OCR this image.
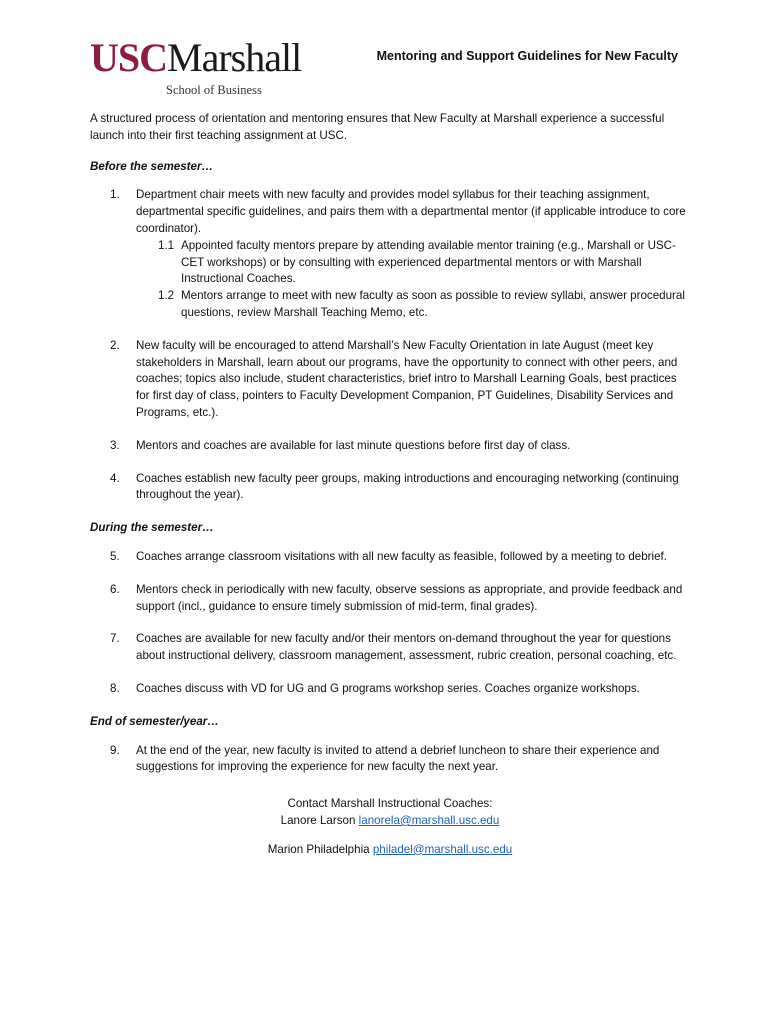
USC Marshall
School of Business
Mentoring and Support Guidelines for New Faculty

A structured process of orientation and mentoring ensures that New Faculty at Marshall experience a successful launch into their first teaching assignment at USC.

Before the semester…

1.	Department chair meets with new faculty and provides model syllabus for their teaching assignment, departmental specific guidelines, and pairs them with a departmental mentor (if applicable introduce to core coordinator).

1.1 Appointed faculty mentors prepare by attending available mentor training (e.g., Marshall or USC-CET workshops) or by consulting with experienced departmental mentors or with Marshall Instructional Coaches.
1.2 Mentors arrange to meet with new faculty as soon as possible to review syllabi, answer procedural questions, review Marshall Teaching Memo, etc.
2.	New faculty will be encouraged to attend Marshall’s New Faculty Orientation in late August (meet key stakeholders in Marshall, learn about our programs, have the opportunity to connect with other peers, and coaches; topics also include, student characteristics, brief intro to Marshall Learning Goals, best practices for first day of class, pointers to Faculty Development Companion, PT Guidelines, Disability Services and Programs, etc.).
3.	Mentors and coaches are available for last minute questions before first day of class.
4.	Coaches establish new faculty peer groups, making introductions and encouraging networking (continuing throughout the year).

During the semester…

5.	Coaches arrange classroom visitations with all new faculty as feasible, followed by a meeting to debrief.
6.	Mentors check in periodically with new faculty, observe sessions as appropriate, and provide feedback and support (incl., guidance to ensure timely submission of mid-term, final grades).
7.	Coaches are available for new faculty and/or their mentors on-demand throughout the year for questions about instructional delivery, classroom management, assessment, rubric creation, personal coaching, etc.
8.	Coaches discuss with VD for UG and G programs workshop series. Coaches organize workshops.

End of semester/year…

9.	At the end of the year, new faculty is invited to attend a debrief luncheon to share their experience and suggestions for improving the experience for new faculty the next year.

Contact Marshall Instructional Coaches:

Lanore Larson lanorela@marshall.usc.edu

Marion Philadelphia philadel@marshall.usc.edu
